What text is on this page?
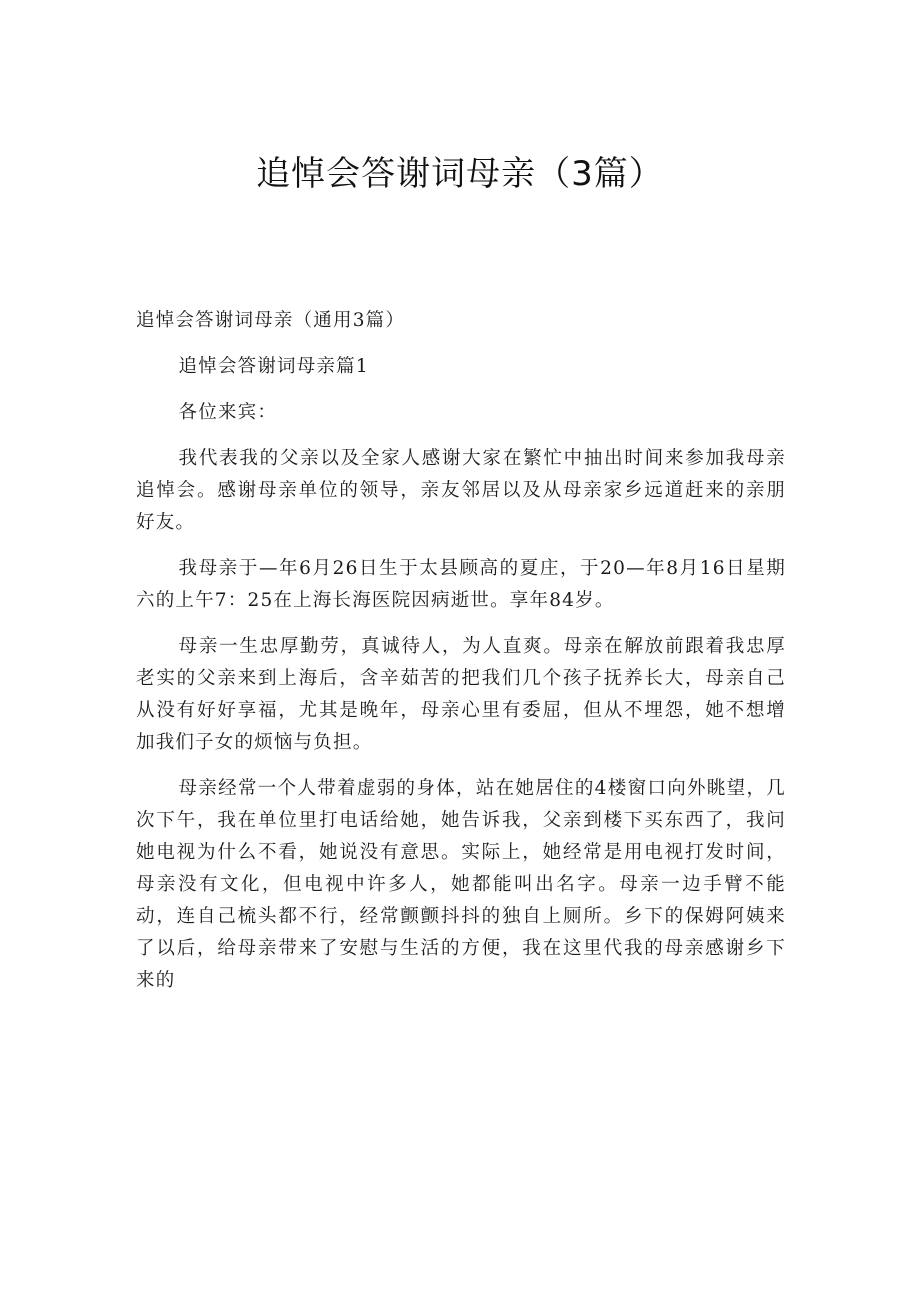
追悼会答谢词母亲（3篇）

追悼会答谢词母亲（通用3篇）

追悼会答谢词母亲篇1

各位来宾：

我代表我的父亲以及全家人感谢大家在繁忙中抽出时间来参加我母亲追悼会。感谢母亲单位的领导，亲友邻居以及从母亲家乡远道赶来的亲朋好友。

我母亲于—年6月26日生于太县顾高的夏庄，于20—年8月16日星期六的上午7：25在上海长海医院因病逝世。享年84岁。

母亲一生忠厚勤劳，真诚待人，为人直爽。母亲在解放前跟着我忠厚老实的父亲来到上海后，含辛茹苦的把我们几个孩子抚养长大，母亲自己从没有好好享福，尤其是晚年，母亲心里有委屈，但从不埋怨，她不想增加我们子女的烦恼与负担。

母亲经常一个人带着虚弱的身体，站在她居住的4楼窗口向外眺望，几次下午，我在单位里打电话给她，她告诉我，父亲到楼下买东西了，我问她电视为什么不看，她说没有意思。实际上，她经常是用电视打发时间，母亲没有文化，但电视中许多人，她都能叫出名字。母亲一边手臂不能动，连自己梳头都不行，经常颤颤抖抖的独自上厕所。乡下的保姆阿姨来了以后，给母亲带来了安慰与生活的方便，我在这里代我的母亲感谢乡下来的
